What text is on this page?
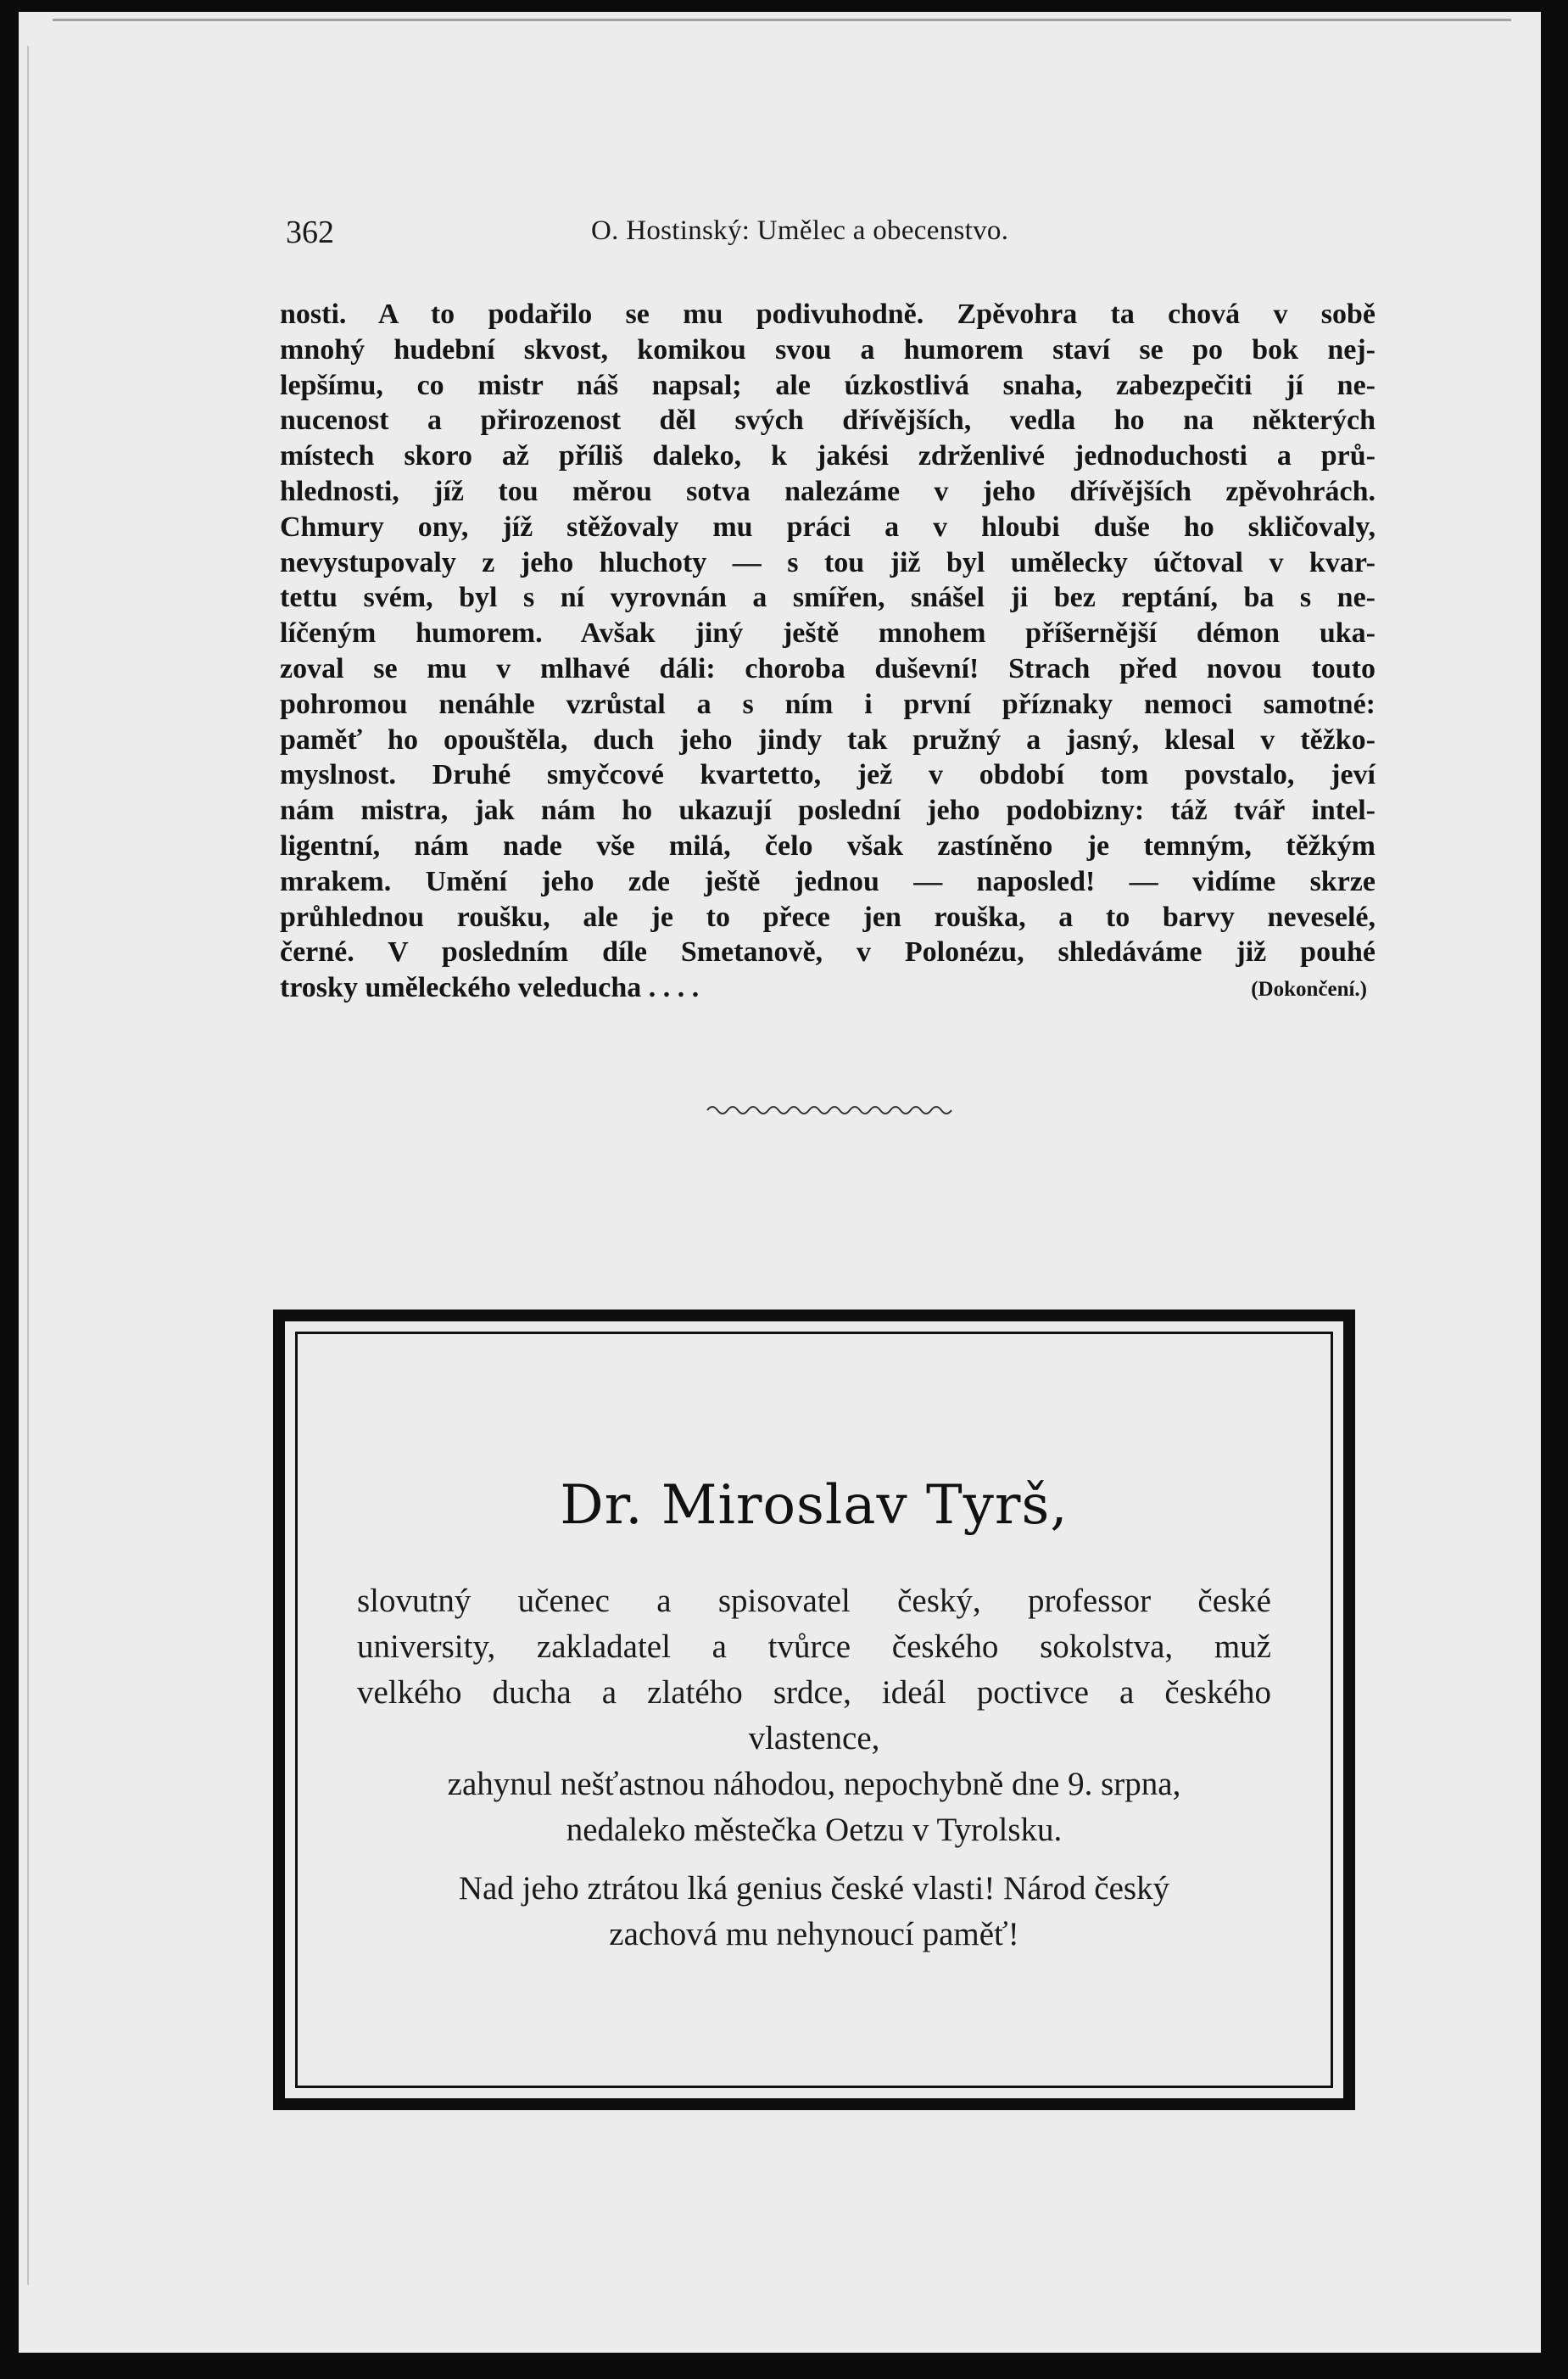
362	O. Hostinský: Umělec a obecenstvo.
nosti. A to podařilo se mu podivuhodně. Zpěvohra ta chová v sobě
mnohý hudební skvost, komikou svou a humorem staví se po bok nej-
lepšímu, co mistr náš napsal; ale úzkostlivá snaha, zabezpečiti jí ne-
nucenost a přirozenost děl svých dřívějších, vedla ho na některých
místech skoro až příliš daleko, k jakési zdrženlivé jednoduchosti a prů-
hlednosti, jíž tou měrou sotva nalezáme v jeho dřívějších zpěvohrách.
Chmury ony, jíž stěžovaly mu práci a v hloubi duše ho skličovaly,
nevystupovaly z jeho hluchoty — s tou již byl umělecky účtoval v kvar-
tettu svém, byl s ní vyrovnán a smířen, snášel ji bez reptání, ba s ne-
líčeným humorem. Avšak jiný ještě mnohem příšernější démon uka-
zoval se mu v mlhavé dáli: choroba duševní! Strach před novou touto
pohromou nenáhle vzrůstal a s ním i první příznaky nemoci samotné:
paměť ho opouštěla, duch jeho jindy tak pružný a jasný, klesal v těžko-
myslnost. Druhé smyčcové kvartetto, jež v období tom povstalo, jeví
nám mistra, jak nám ho ukazují poslední jeho podobizny: táž tvář intel-
ligentní, nám nade vše milá, čelo však zastíněno je temným, těžkým
mrakem. Umění jeho zde ještě jednou — naposled! — vidíme skrze
průhlednou roušku, ale je to přece jen rouška, a to barvy neveselé,
černé. V posledním díle Smetanově, v Polonézu, shledáváme již pouhé
trosky uměleckého veleducha . . . .	(Dokončení.)
Dr. Miroslav Tyrš,
slovutný učenec a spisovatel český, professor české
university, zakladatel a tvůrce českého sokolstva, muž
velkého ducha a zlatého srdce, ideál poctivce a českého
vlastence,
zahynul nešťastnou náhodou, nepochybně dne 9. srpna,
nedaleko městečka Oetzu v Tyrolsku.
Nad jeho ztrátou lká genius české vlasti! Národ český
zachová mu nehynoucí paměť!
